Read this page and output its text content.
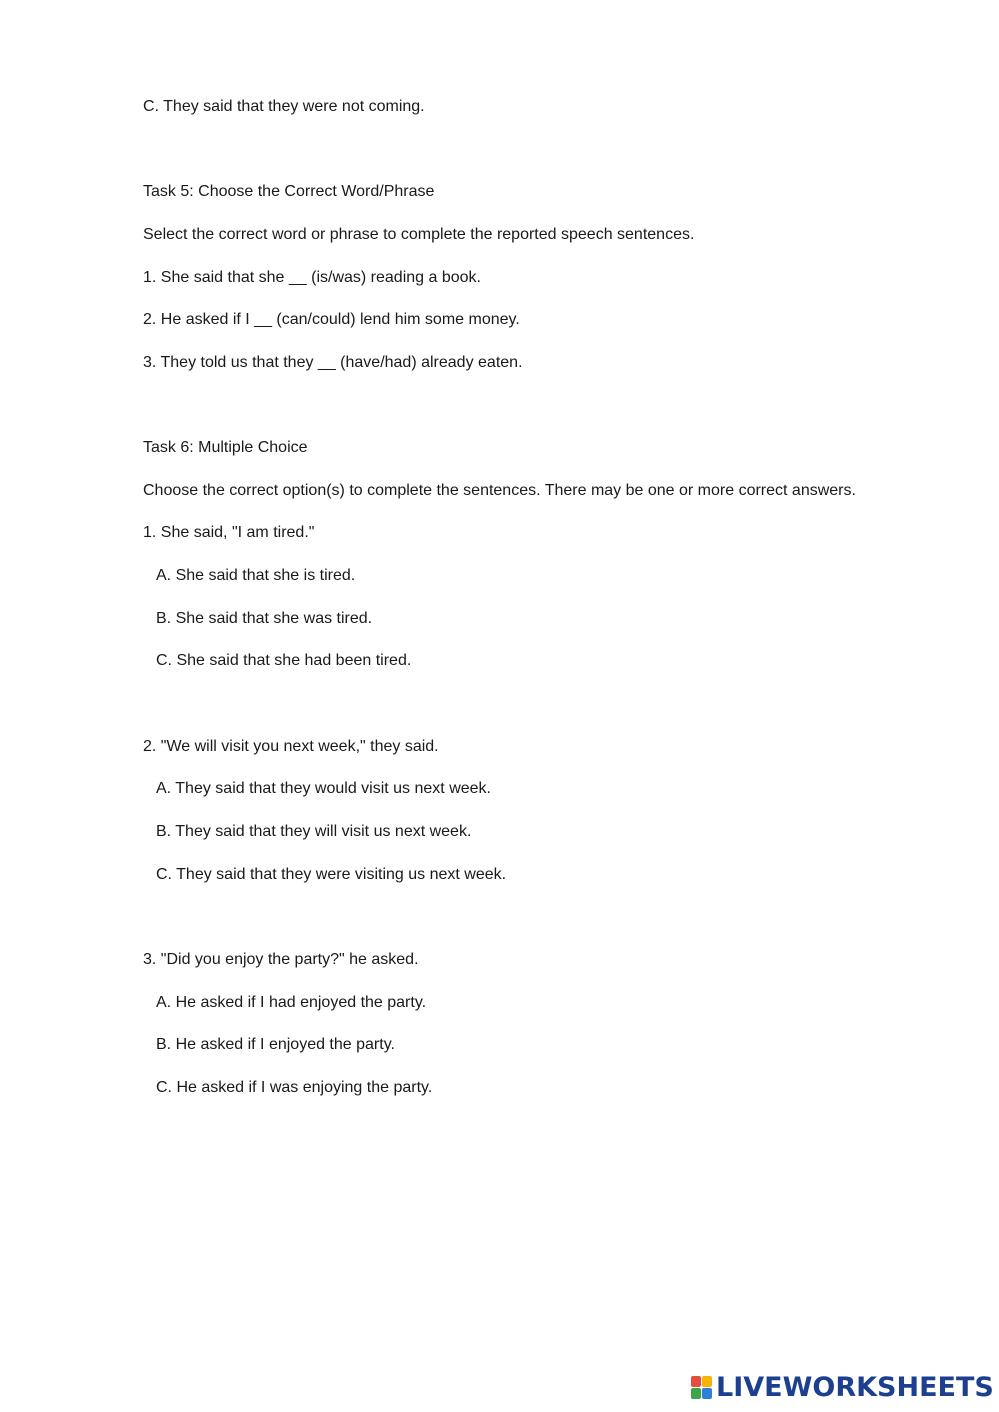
C. They said that they were not coming.
Task 5: Choose the Correct Word/Phrase
Select the correct word or phrase to complete the reported speech sentences.
1. She said that she __ (is/was) reading a book.
2. He asked if I __ (can/could) lend him some money.
3. They told us that they __ (have/had) already eaten.
Task 6: Multiple Choice
Choose the correct option(s) to complete the sentences. There may be one or more correct answers.
1. She said, "I am tired."
A. She said that she is tired.
B. She said that she was tired.
C. She said that she had been tired.
2. "We will visit you next week," they said.
A. They said that they would visit us next week.
B. They said that they will visit us next week.
C. They said that they were visiting us next week.
3. "Did you enjoy the party?" he asked.
A. He asked if I had enjoyed the party.
B. He asked if I enjoyed the party.
C. He asked if I was enjoying the party.
LIVEWORKSHEETS
